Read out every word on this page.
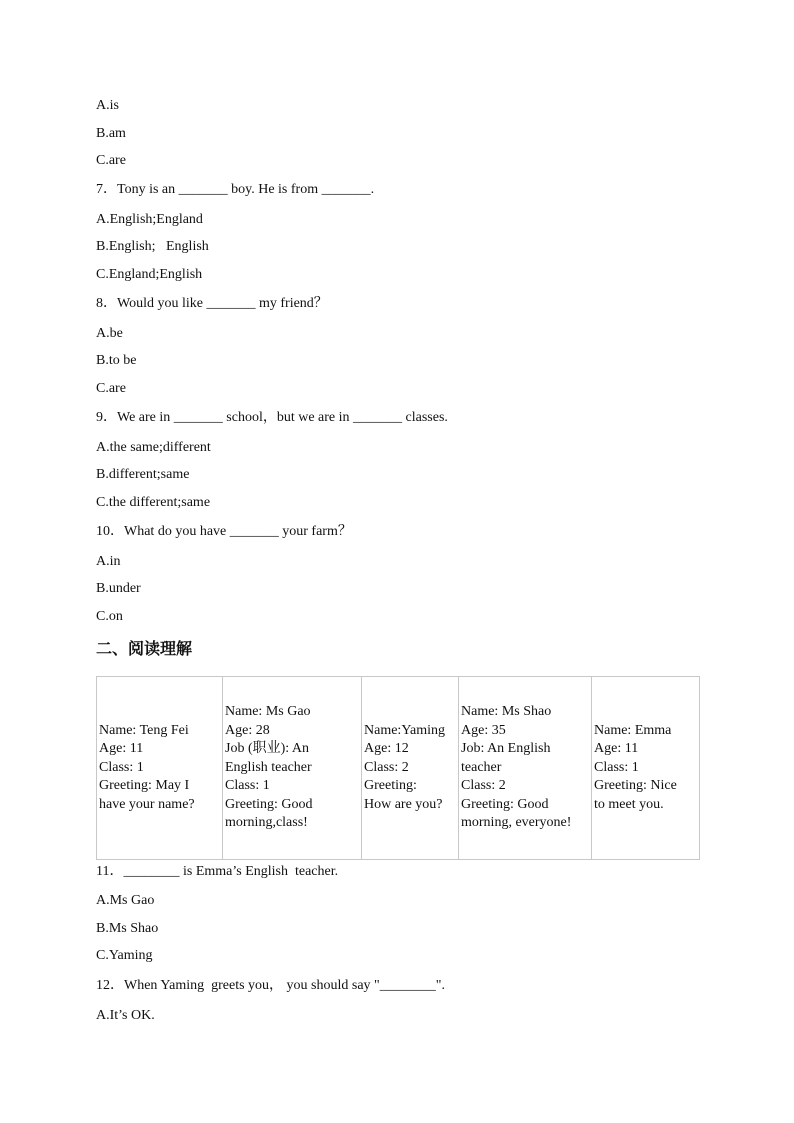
A.is
B.am
C.are
7．Tony is an _______ boy. He is from _______.
A.English;England
B.English;   English
C.England;English
8．Would you like _______ my friend？
A.be
B.to be
C.are
9．We are in _______ school，but we are in _______ classes.
A.the same;different
B.different;same
C.the different;same
10．What do you have _______ your farm？
A.in
B.under
C.on
二、阅读理解
Name: Teng Fei
Age: 11
Class: 1
Greeting: May I
have your name?

Name: Ms Gao
Age: 28
Job (职业): An
English teacher
Class: 1
Greeting: Good
morning,class!

Name:Yaming
Age: 12
Class: 2
Greeting:
How are you?

Name: Ms Shao
Age: 35
Job: An English
teacher
Class: 2
Greeting: Good
morning, everyone!

Name: Emma
Age: 11
Class: 1
Greeting: Nice
to meet you.
11．________ is Emma’s English  teacher.
A.Ms Gao
B.Ms Shao
C.Yaming
12．When Yaming  greets you， you should say "________".
A.It’s OK.
